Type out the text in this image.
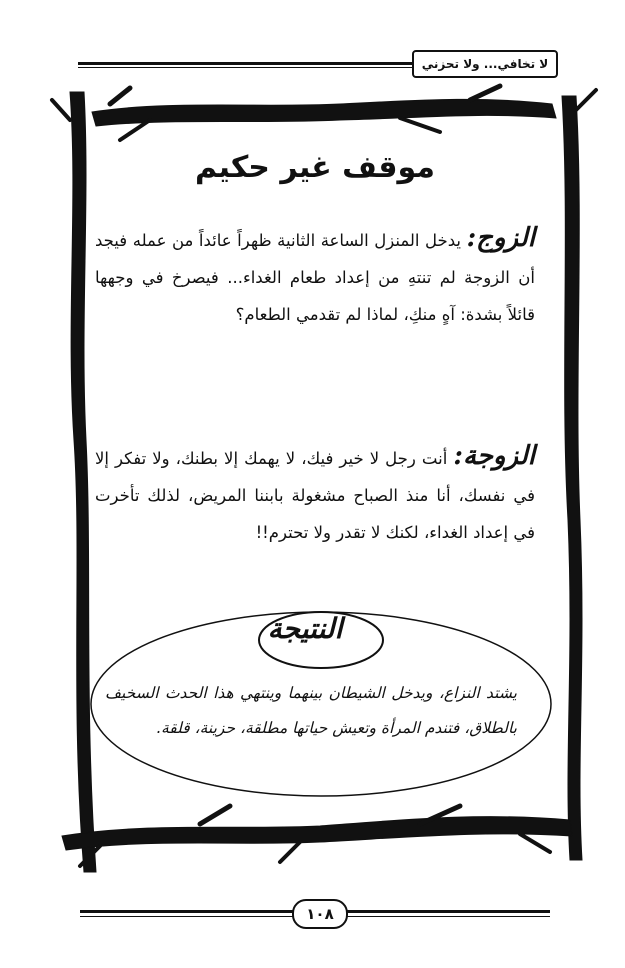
لا تخافي... ولا تحزني
موقف غير حكيم
الزوج: يدخل المنزل الساعة الثانية ظهراً عائداً من عمله فيجد أن الزوجة لم تنتهِ من إعداد طعام الغداء... فيصرخ في وجهها قائلاً بشدة: آهٍ منكِ، لماذا لم تقدمي الطعام؟
الزوجة: أنت رجل لا خير فيك، لا يهمك إلا بطنك، ولا تفكر إلا في نفسك، أنا منذ الصباح مشغولة بابننا المريض، لذلك تأخرت في إعداد الغداء، لكنك لا تقدر ولا تحترم!!
النتيجة
يشتد النزاع، ويدخل الشيطان بينهما وينتهي هذا الحدث السخيف بالطلاق، فتندم المرأة وتعيش حياتها مطلقة، حزينة، قلقة.
١٠٨
